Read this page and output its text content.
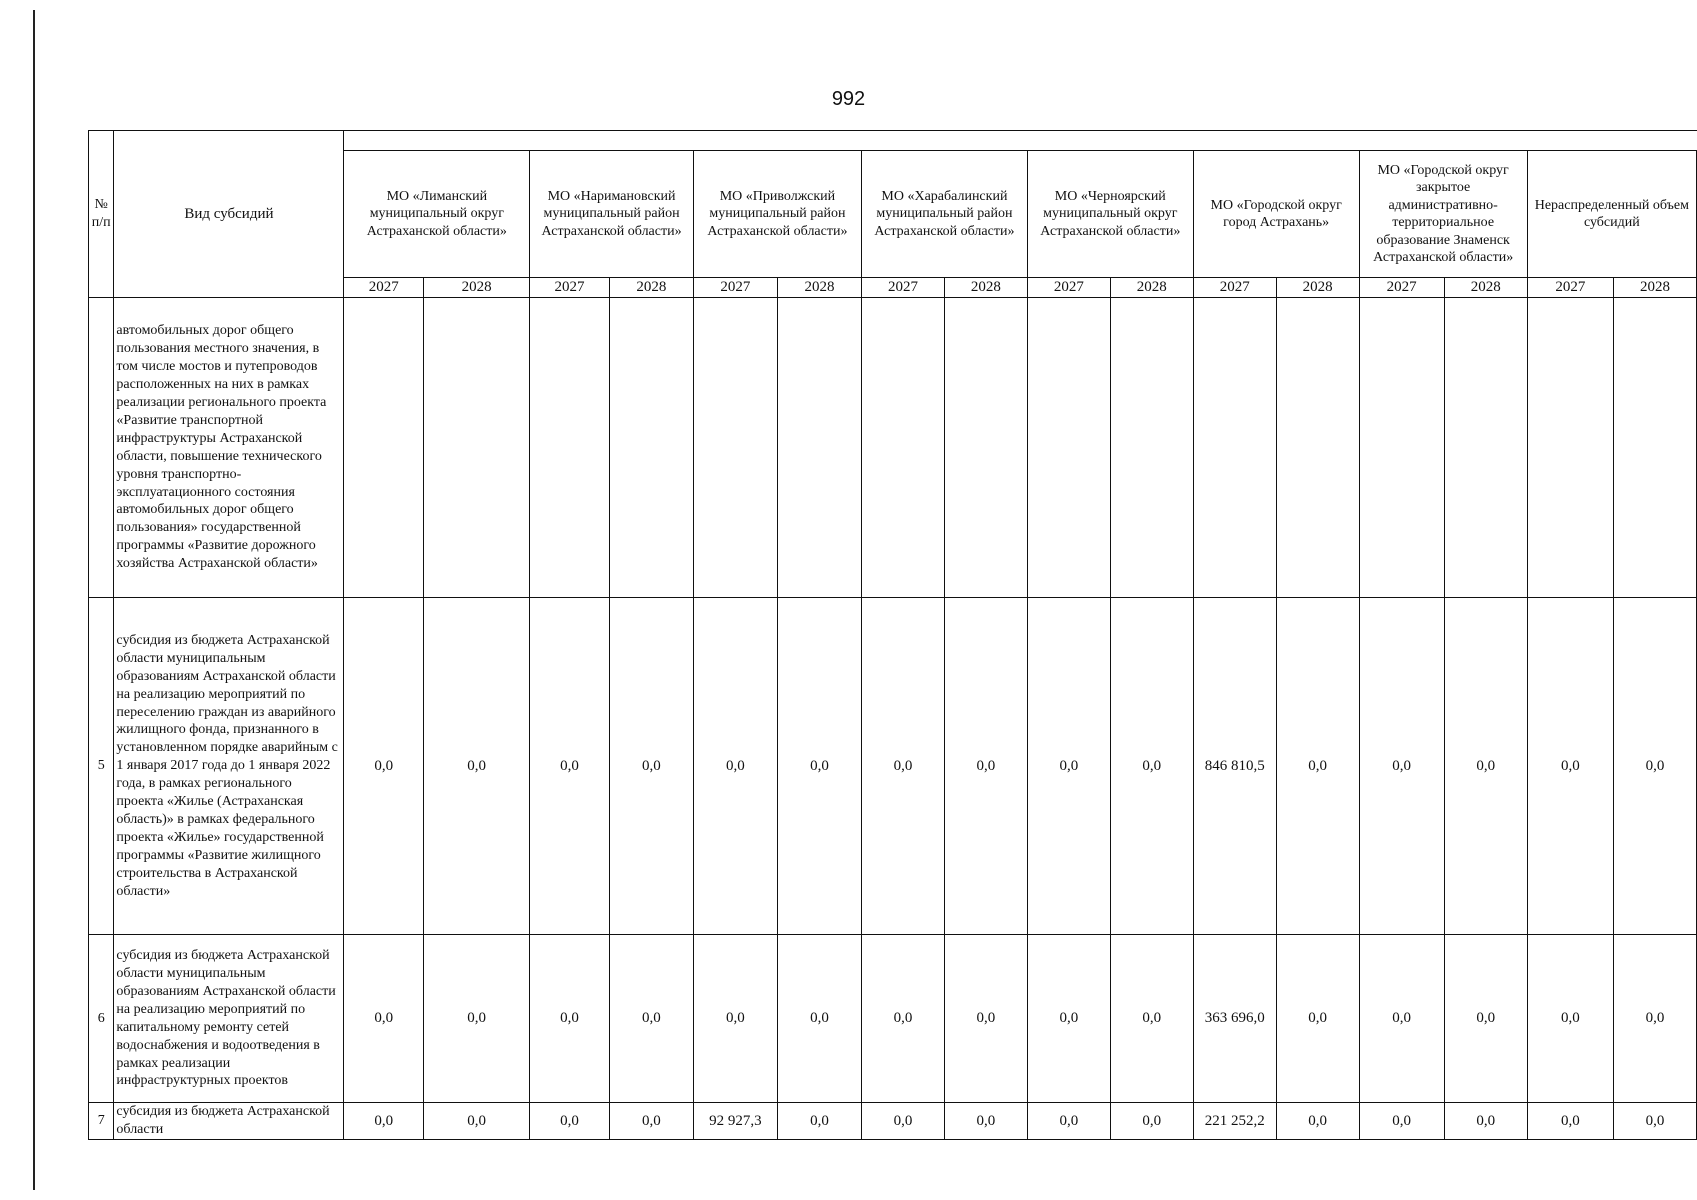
992
№ п/п	Вид субсидий																
		МО «Лиманский муниципальный округ Астраханской области»		МО «Наримановский муниципальный район Астраханской области»		МО «Приволжский муниципальный район Астраханской области»		МО «Харабалинский муниципальный район Астраханской области»		МО «Черноярский муниципальный округ Астраханской области»		МО «Городской округ город Астрахань»		МО «Городской округ закрытое административно-территориальное образование Знаменск Астраханской области»		Нераспределенный объем субсидий	
		2027	2028	2027	2028	2027	2028	2027	2028	2027	2028	2027	2028	2027	2028	2027	2028
	автомобильных дорог общего пользования местного значения, в том числе мостов и путепроводов расположенных на них в рамках реализации регионального проекта «Развитие транспортной инфраструктуры Астраханской области, повышение технического уровня транспортно-эксплуатационного состояния автомобильных дорог общего пользования» государственной программы «Развитие дорожного хозяйства Астраханской области»																
5	субсидия из бюджета Астраханской области муниципальным образованиям Астраханской области на реализацию мероприятий по переселению граждан из аварийного жилищного фонда, признанного в установленном порядке аварийным с 1 января 2017 года до 1 января 2022 года, в рамках регионального проекта «Жилье (Астраханская область)» в рамках федерального проекта «Жилье» государственной программы «Развитие жилищного строительства в Астраханской области»	0,0	0,0	0,0	0,0	0,0	0,0	0,0	0,0	0,0	0,0	846 810,5	0,0	0,0	0,0	0,0	0,0
6	субсидия из бюджета Астраханской области муниципальным образованиям Астраханской области на реализацию мероприятий по капитальному ремонту сетей водоснабжения и водоотведения в рамках реализации инфраструктурных проектов	0,0	0,0	0,0	0,0	0,0	0,0	0,0	0,0	0,0	0,0	363 696,0	0,0	0,0	0,0	0,0	0,0
7	субсидия из бюджета Астраханской области	0,0	0,0	0,0	0,0	92 927,3	0,0	0,0	0,0	0,0	0,0	221 252,2	0,0	0,0	0,0	0,0	0,0
